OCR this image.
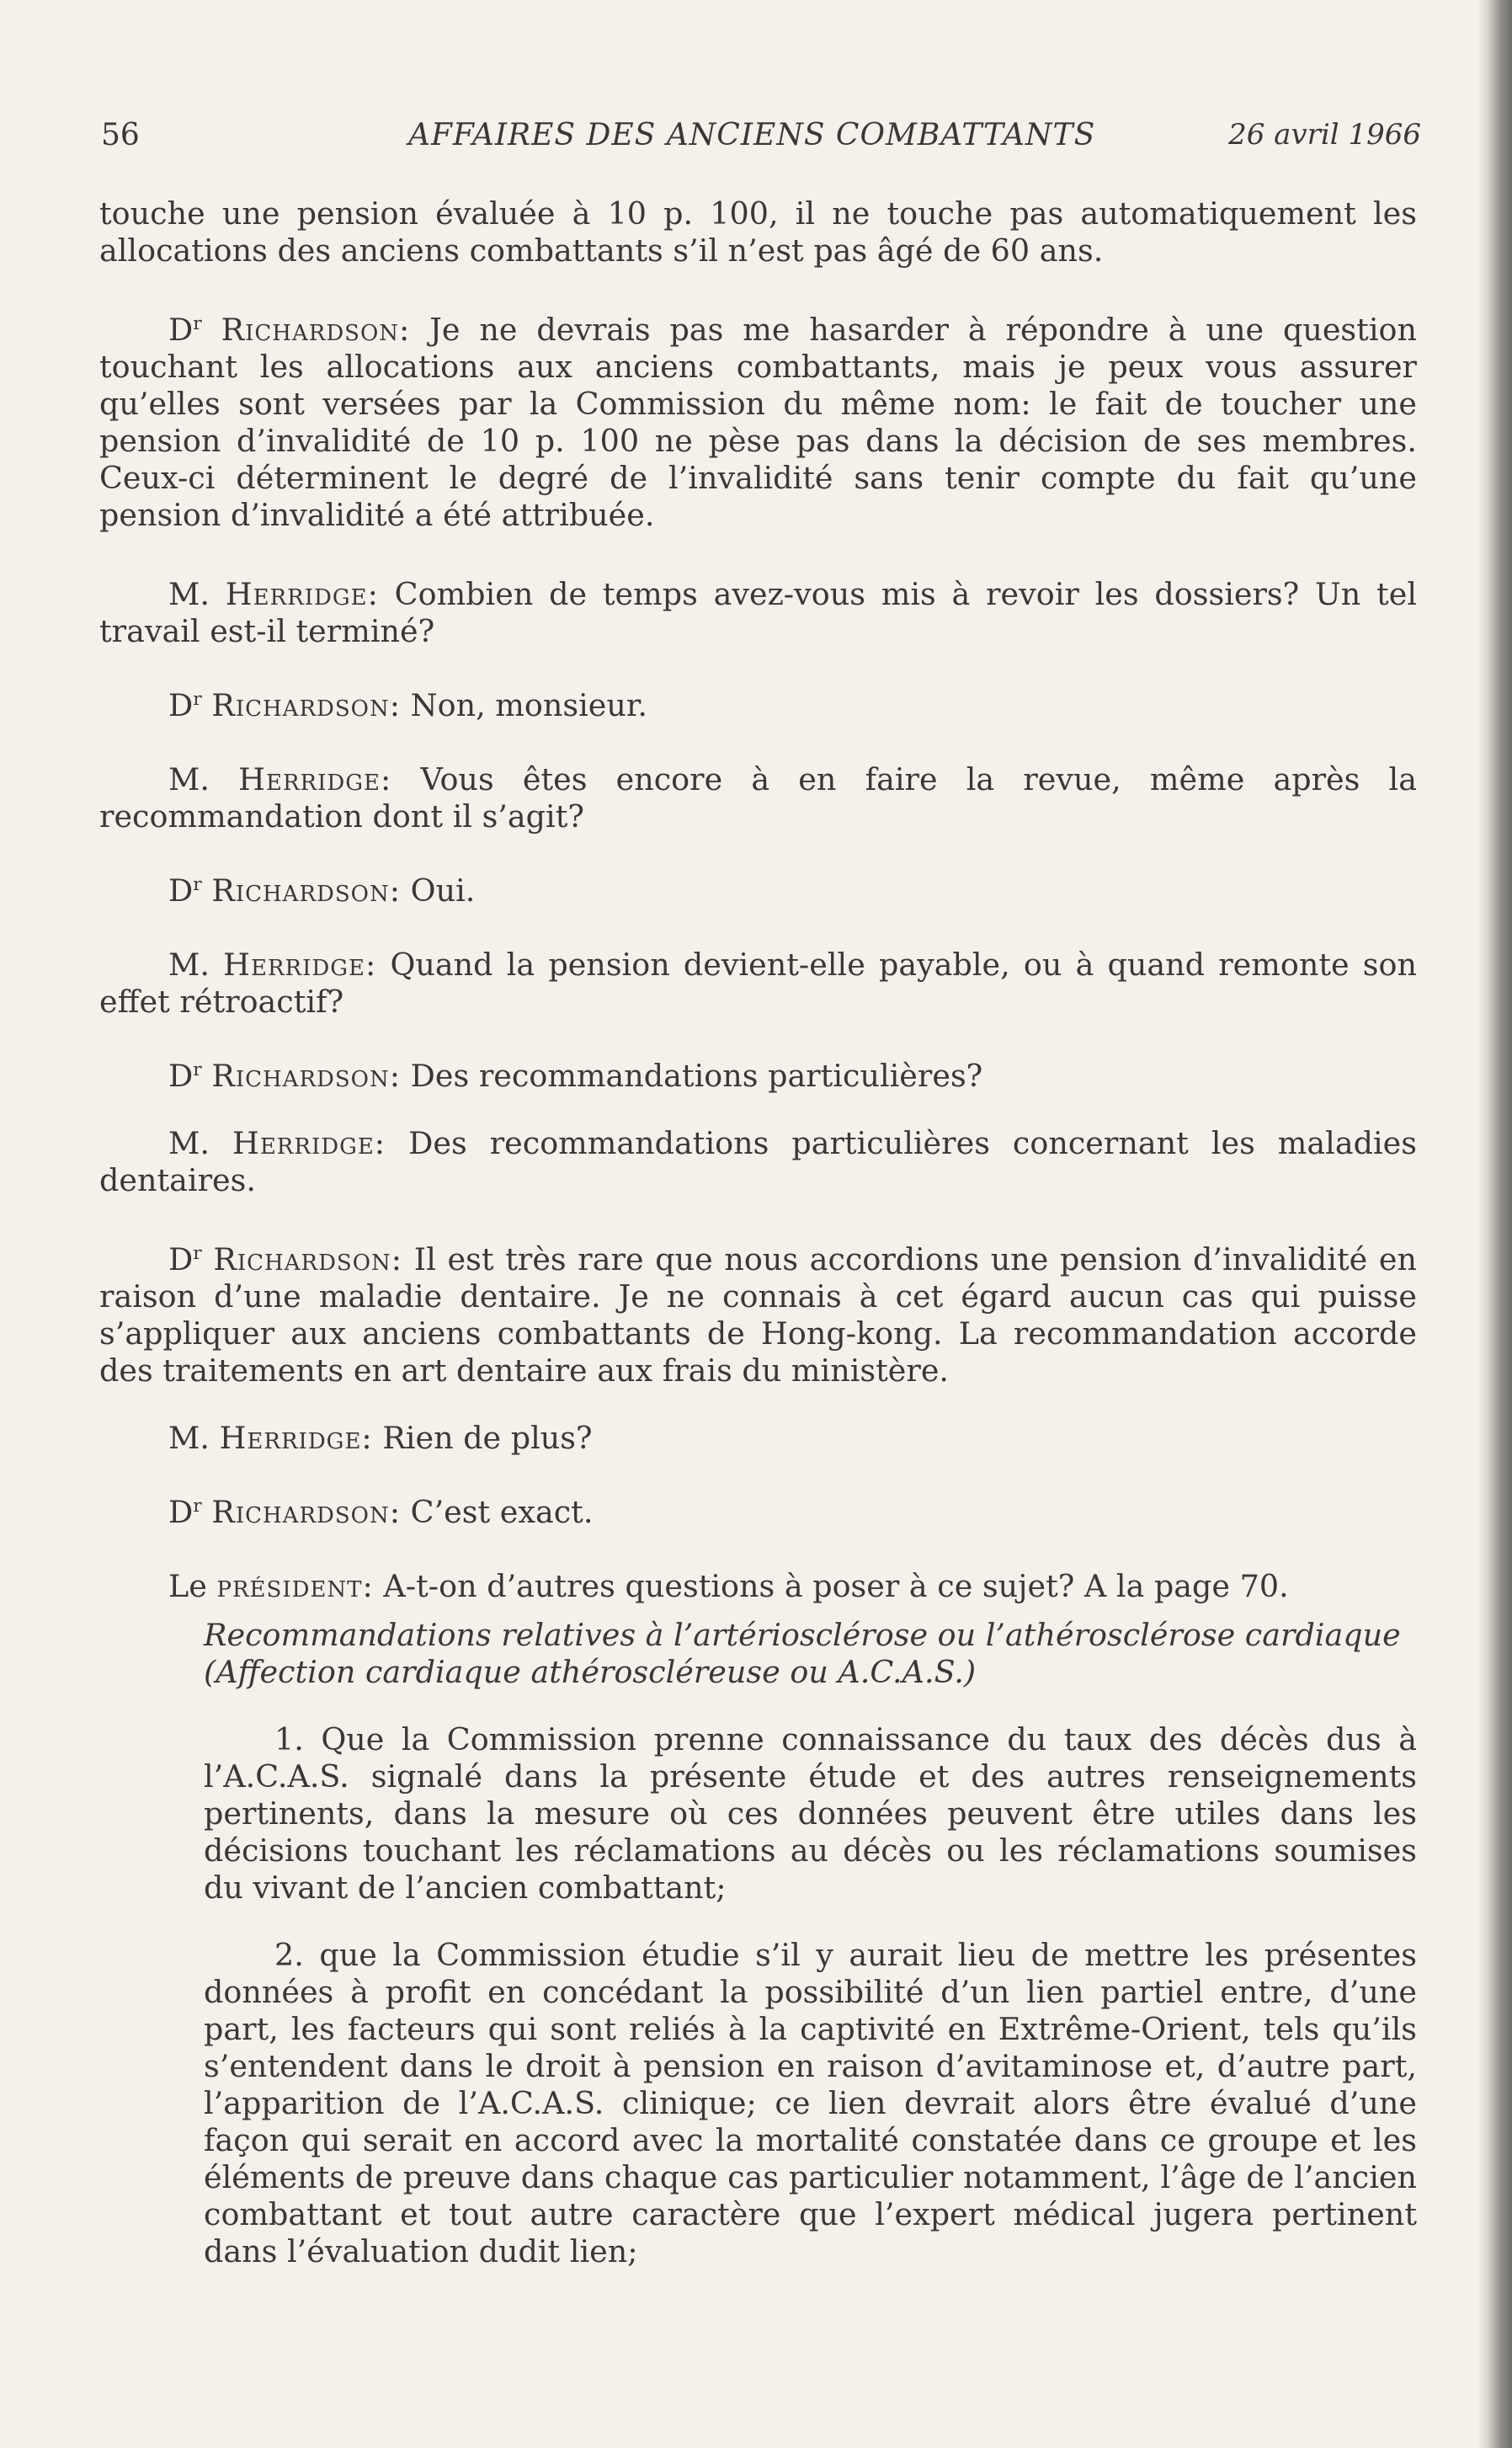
56	AFFAIRES DES ANCIENS COMBATTANTS	26 avril 1966

touche une pension évaluée à 10 p. 100, il ne touche pas automatiquement les allocations des anciens combattants s’il n’est pas âgé de 60 ans.

$D^r$ Richardson: Je ne devrais pas me hasarder à répondre à une question touchant les allocations aux anciens combattants, mais je peux vous assurer qu’elles sont versées par la Commission du même nom: le fait de toucher une pension d’invalidité de 10 p. 100 ne pèse pas dans la décision de ses membres. Ceux-ci déterminent le degré de l’invalidité sans tenir compte du fait qu’une pension d’invalidité a été attribuée.

M. Herridge: Combien de temps avez-vous mis à revoir les dossiers? Un tel travail est-il terminé?

$D^r$ Richardson: Non, monsieur.

M. Herridge: Vous êtes encore à en faire la revue, même après la recommandation dont il s’agit?

$D^r$ Richardson: Oui.

M. Herridge: Quand la pension devient-elle payable, ou à quand remonte son effet rétroactif?

$D^r$ Richardson: Des recommandations particulières?

M. Herridge: Des recommandations particulières concernant les maladies dentaires.

$D^r$ Richardson: Il est très rare que nous accordions une pension d’invalidité en raison d’une maladie dentaire. Je ne connais à cet égard aucun cas qui puisse s’appliquer aux anciens combattants de Hong-kong. La recommandation accorde des traitements en art dentaire aux frais du ministère.

M. Herridge: Rien de plus?

$D^r$ Richardson: C’est exact.

Le président: A-t-on d’autres questions à poser à ce sujet? A la page 70.

Recommandations relatives à l’artériosclérose ou l’athérosclérose cardiaque (Affection cardiaque athéroscléreuse ou A.C.A.S.)

1. Que la Commission prenne connaissance du taux des décès dus à l’A.C.A.S. signalé dans la présente étude et des autres renseignements pertinents, dans la mesure où ces données peuvent être utiles dans les décisions touchant les réclamations au décès ou les réclamations soumises du vivant de l’ancien combattant;

2. que la Commission étudie s’il y aurait lieu de mettre les présentes données à profit en concédant la possibilité d’un lien partiel entre, d’une part, les facteurs qui sont reliés à la captivité en Extrême-Orient, tels qu’ils s’entendent dans le droit à pension en raison d’avitaminose et, d’autre part, l’apparition de l’A.C.A.S. clinique; ce lien devrait alors être évalué d’une façon qui serait en accord avec la mortalité constatée dans ce groupe et les éléments de preuve dans chaque cas particulier notamment, l’âge de l’ancien combattant et tout autre caractère que l’expert médical jugera pertinent dans l’évaluation dudit lien;
